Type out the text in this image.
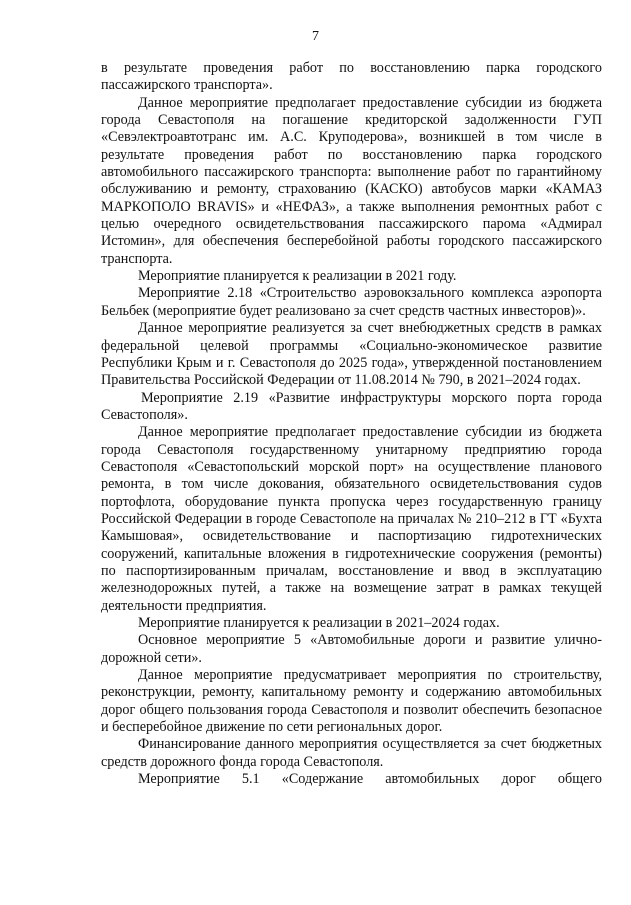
7

в результате проведения работ по восстановлению парка городского пассажирского транспорта».

Данное мероприятие предполагает предоставление субсидии из бюджета города Севастополя на погашение кредиторской задолженности ГУП «Севэлектроавтотранс им. А.С. Круподерова», возникшей в том числе в результате проведения работ по восстановлению парка городского автомобильного пассажирского транспорта: выполнение работ по гарантийному обслуживанию и ремонту, страхованию (КАСКО) автобусов марки «КАМАЗ МАРКОПОЛО BRAVIS» и «НЕФАЗ», а также выполнения ремонтных работ с целью очередного освидетельствования пассажирского парома «Адмирал Истомин», для обеспечения бесперебойной работы городского пассажирского транспорта.

Мероприятие планируется к реализации в 2021 году.

Мероприятие 2.18 «Строительство аэровокзального комплекса аэропорта Бельбек (мероприятие будет реализовано за счет средств частных инвесторов)».

Данное мероприятие реализуется за счет внебюджетных средств в рамках федеральной целевой программы «Социально-экономическое развитие Республики Крым и г. Севастополя до 2025 года», утвержденной постановлением Правительства Российской Федерации от 11.08.2014 № 790, в 2021–2024 годах.

Мероприятие 2.19 «Развитие инфраструктуры морского порта города Севастополя».

Данное мероприятие предполагает предоставление субсидии из бюджета города Севастополя государственному унитарному предприятию города Севастополя «Севастопольский морской порт» на осуществление планового ремонта, в том числе докования, обязательного освидетельствования судов портофлота, оборудование пункта пропуска через государственную границу Российской Федерации в городе Севастополе на причалах № 210–212 в ГТ «Бухта Камышовая», освидетельствование и паспортизацию гидротехнических сооружений, капитальные вложения в гидротехнические сооружения (ремонты) по паспортизированным причалам, восстановление и ввод в эксплуатацию железнодорожных путей, а также на возмещение затрат в рамках текущей деятельности предприятия.

Мероприятие планируется к реализации в 2021–2024 годах.

Основное мероприятие 5 «Автомобильные дороги и развитие улично-дорожной сети».

Данное мероприятие предусматривает мероприятия по строительству, реконструкции, ремонту, капитальному ремонту и содержанию автомобильных дорог общего пользования города Севастополя и позволит обеспечить безопасное и бесперебойное движение по сети региональных дорог.

Финансирование данного мероприятия осуществляется за счет бюджетных средств дорожного фонда города Севастополя.

Мероприятие 5.1 «Содержание автомобильных дорог общего
